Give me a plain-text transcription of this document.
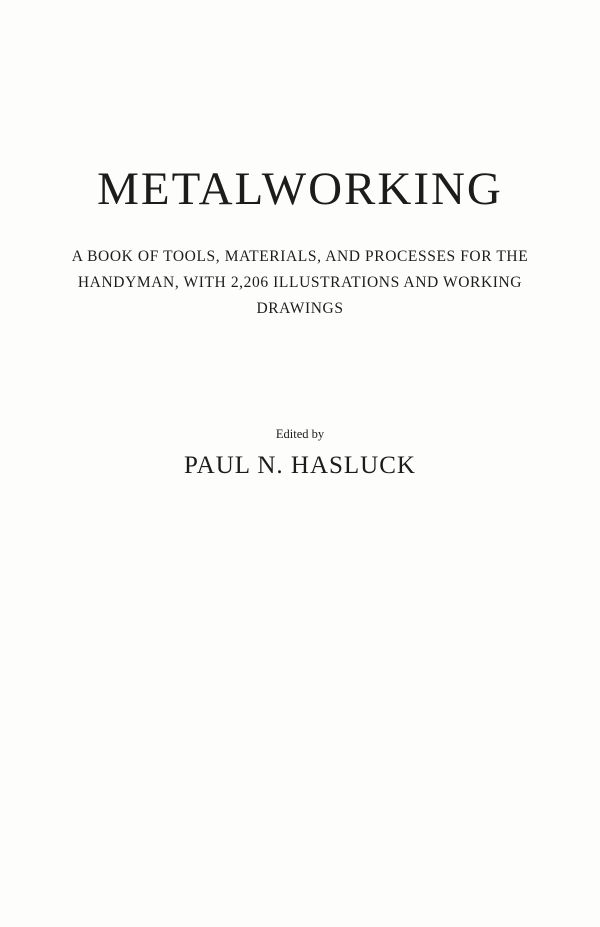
METALWORKING

A BOOK OF TOOLS, MATERIALS, AND PROCESSES FOR THE
HANDYMAN, WITH 2,206 ILLUSTRATIONS AND WORKING
DRAWINGS

Edited by

PAUL N. HASLUCK
